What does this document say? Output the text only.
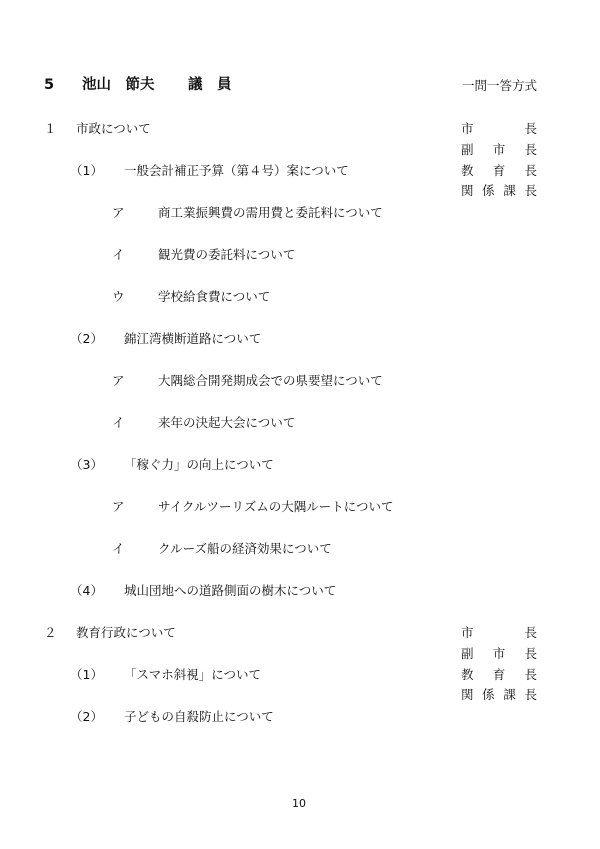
5 池山　節夫 議　員	一問一答方式
１ 市政について	市　長
副市長
教育長
関係課長
（1） 一般会計補正予算（第４号）案について
ア	商工業振興費の需用費と委託料について
イ	観光費の委託料について
ウ	学校給食費について
（2） 錦江湾横断道路について
ア	大隅総合開発期成会での県要望について
イ	来年の決起大会について
（3） 「稼ぐ力」の向上について
ア	サイクルツーリズムの大隅ルートについて
イ	クルーズ船の経済効果について
（4） 城山団地への道路側面の樹木について
２ 教育行政について	市　長
副市長
教育長
関係課長
（1） 「スマホ斜視」について
（2） 子どもの自殺防止について
10
